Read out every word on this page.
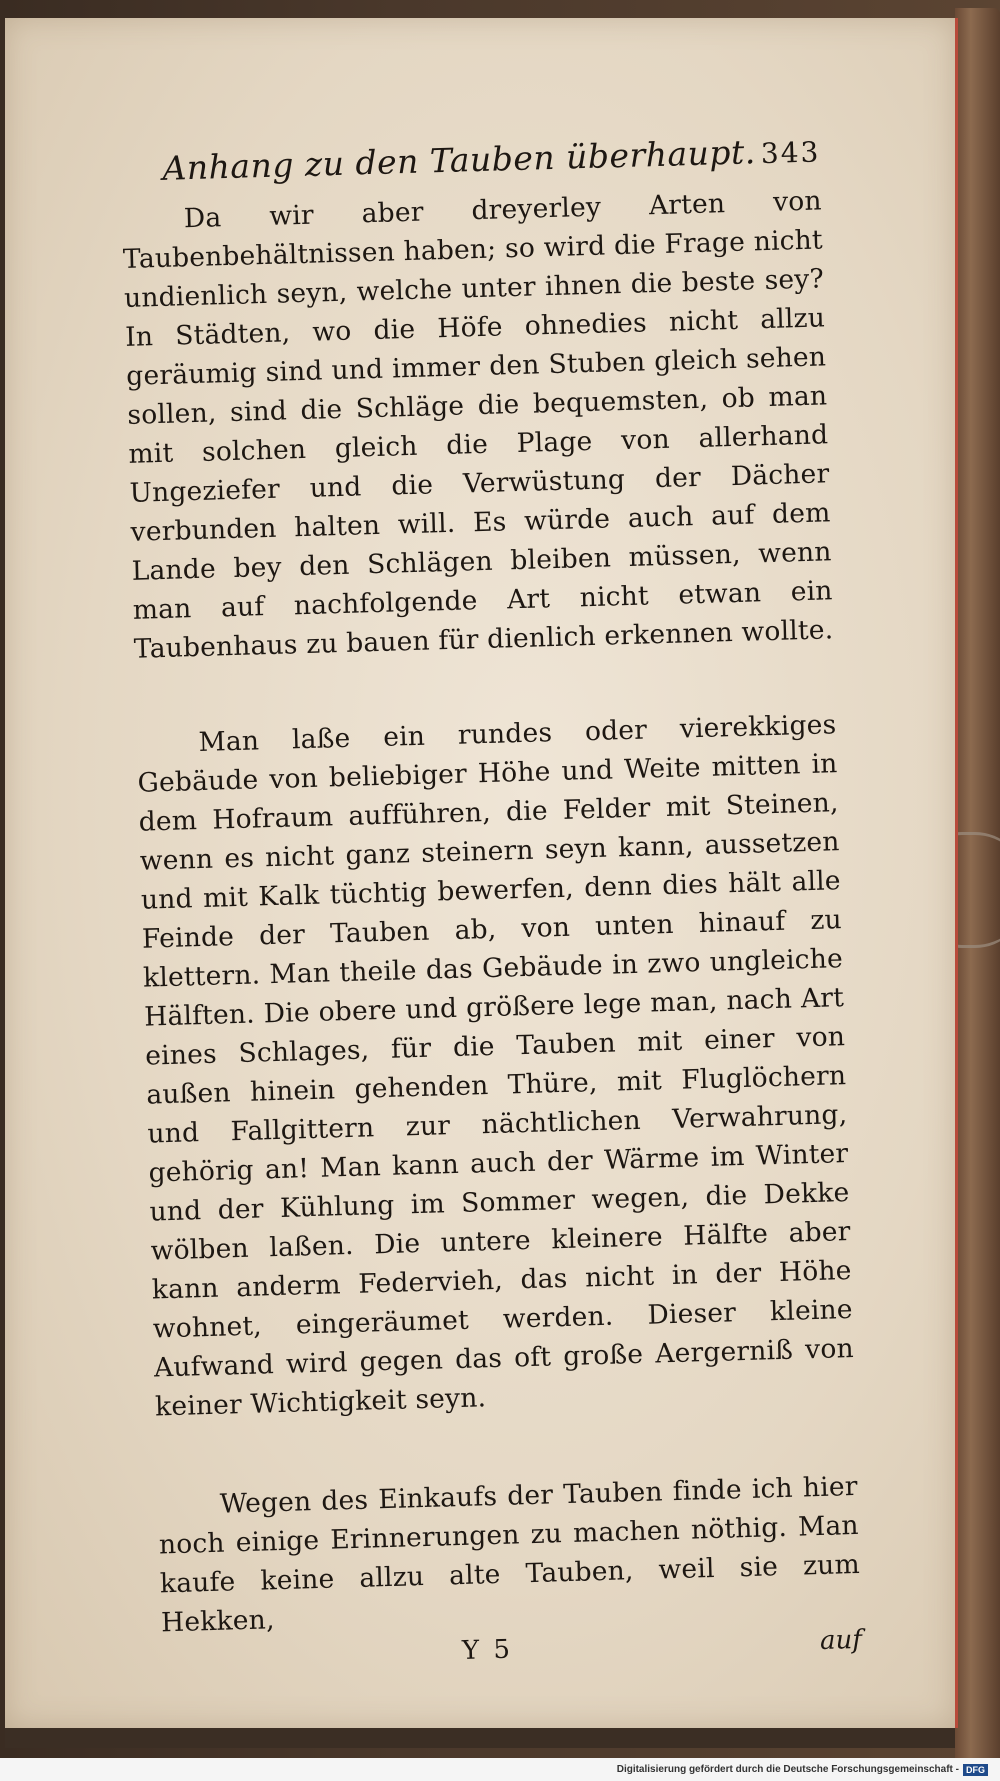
Anhang zu den Tauben überhaupt. 343

Da wir aber dreyerley Arten von Taubenbehältnissen haben; so wird die Frage nicht undienlich seyn, welche unter ihnen die beste sey? In Städten, wo die Höfe ohnedies nicht allzu geräumig sind und immer den Stuben gleich sehen sollen, sind die Schläge die bequemsten, ob man mit solchen gleich die Plage von allerhand Ungeziefer und die Verwüstung der Dächer verbunden halten will. Es würde auch auf dem Lande bey den Schlägen bleiben müssen, wenn man auf nachfolgende Art nicht etwan ein Taubenhaus zu bauen für dienlich erkennen wollte.

Man laße ein rundes oder vierekkiges Gebäude von beliebiger Höhe und Weite mitten in dem Hofraum aufführen, die Felder mit Steinen, wenn es nicht ganz steinern seyn kann, aussetzen und mit Kalk tüchtig bewerfen, denn dies hält alle Feinde der Tauben ab, von unten hinauf zu klettern. Man theile das Gebäude in zwo ungleiche Hälften. Die obere und größere lege man, nach Art eines Schlages, für die Tauben mit einer von außen hinein gehenden Thüre, mit Fluglöchern und Fallgittern zur nächtlichen Verwahrung, gehörig an! Man kann auch der Wärme im Winter und der Kühlung im Sommer wegen, die Dekke wölben laßen. Die untere kleinere Hälfte aber kann anderm Federvieh, das nicht in der Höhe wohnet, eingeräumet werden. Dieser kleine Aufwand wird gegen das oft große Aergerniß von keiner Wichtigkeit seyn.

Wegen des Einkaufs der Tauben finde ich hier noch einige Erinnerungen zu machen nöthig. Man kaufe keine allzu alte Tauben, weil sie zum Hekken,

Y 5	auf
Digitalisierung gefördert durch die Deutsche Forschungsgemeinschaft - DFG
